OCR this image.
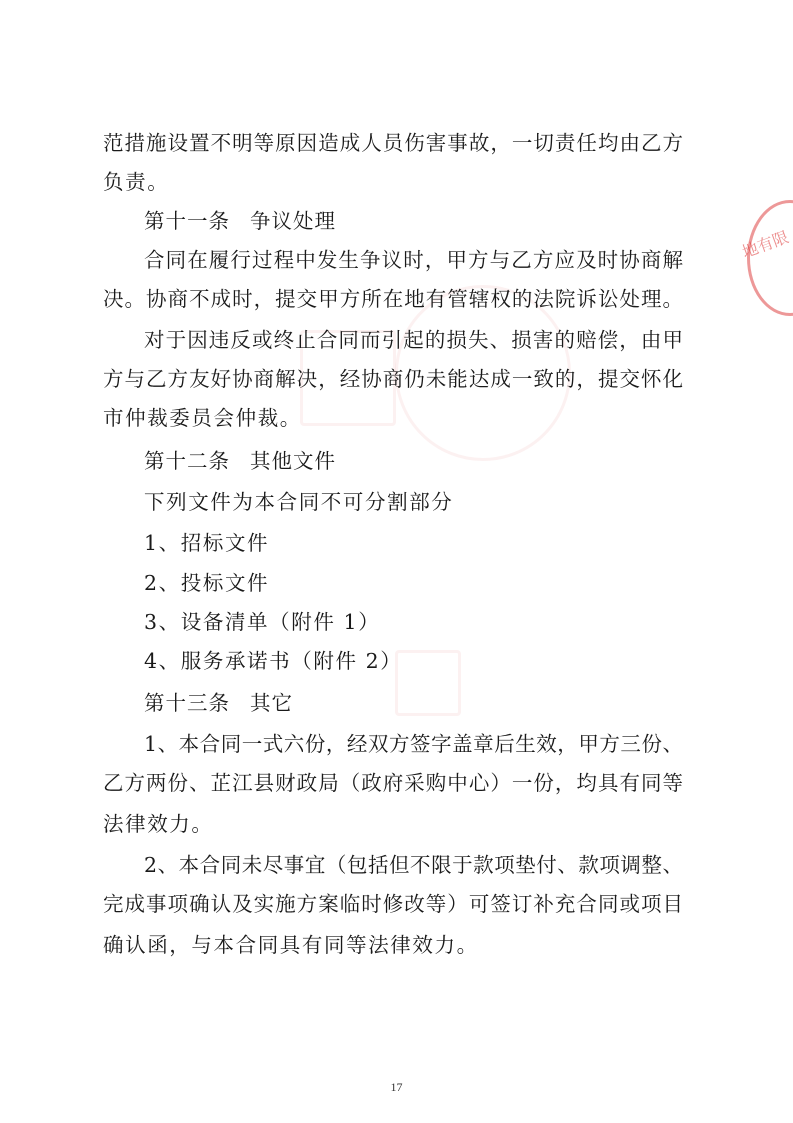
地有限
范措施设置不明等原因造成人员伤害事故，一切责任均由乙方
负责。
第十一条 争议处理
合同在履行过程中发生争议时，甲方与乙方应及时协商解
决。协商不成时，提交甲方所在地有管辖权的法院诉讼处理。
对于因违反或终止合同而引起的损失、损害的赔偿，由甲
方与乙方友好协商解决，经协商仍未能达成一致的，提交怀化
市仲裁委员会仲裁。
第十二条 其他文件
下列文件为本合同不可分割部分
1、招标文件
2、投标文件
3、设备清单（附件 1）
4、服务承诺书（附件 2）
第十三条 其它
1、本合同一式六份，经双方签字盖章后生效，甲方三份、
乙方两份、芷江县财政局（政府采购中心）一份，均具有同等
法律效力。
2、本合同未尽事宜（包括但不限于款项垫付、款项调整、
完成事项确认及实施方案临时修改等）可签订补充合同或项目
确认函，与本合同具有同等法律效力。
17
